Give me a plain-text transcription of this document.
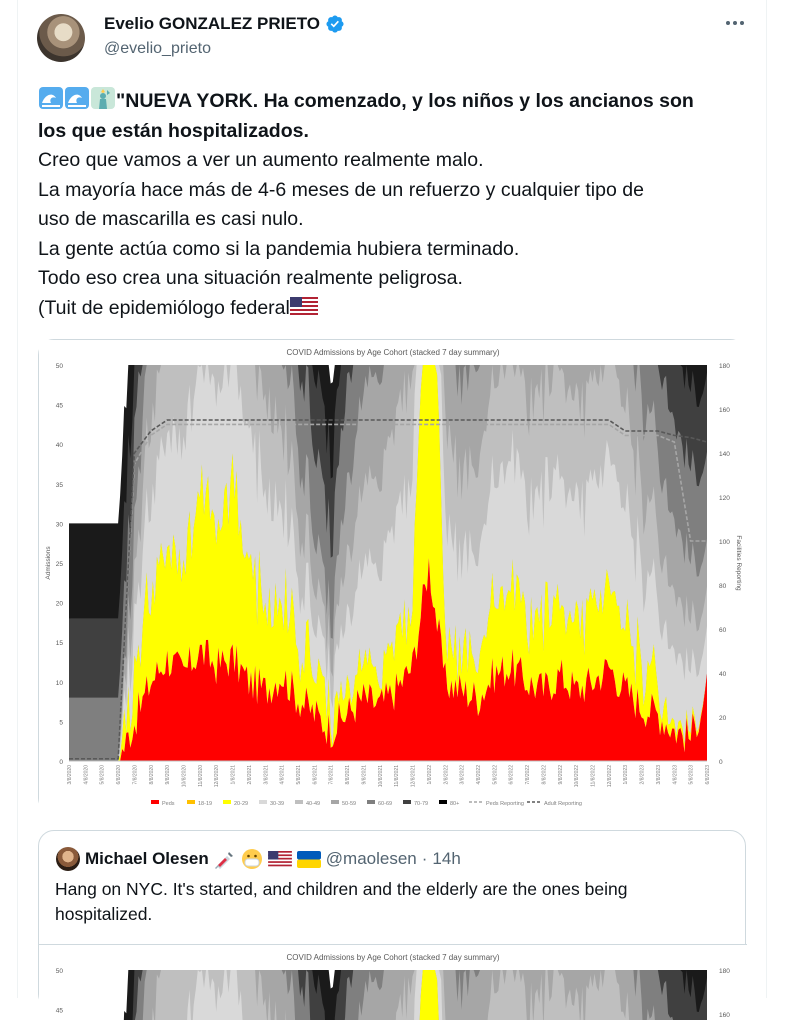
Evelio GONZALEZ PRIETO
@evelio_prieto
"NUEVA YORK. Ha comenzado, y los niños y los ancianos son
los que están hospitalizados.
Creo que vamos a ver un aumento realmente malo.
La mayoría hace más de 4-6 meses de un refuerzo y cualquier tipo de
uso de mascarilla es casi nulo.
La gente actúa como si la pandemia hubiera terminado.
Todo eso crea una situación realmente peligrosa.
(Tuit de epidemiólogo federal
COVID Admissions by Age Cohort (stacked 7 day summary)
0
5
10
15
20
25
30
35
40
45
50
0
20
40
60
80
100
120
140
160
180
Admissions	Facilities Reporting
3/8/2020 4/8/2020 5/8/2020 6/8/2020 7/8/2020 8/8/2020 9/8/2020 10/8/2020 11/8/2020 12/8/2020 1/8/2021 2/8/2021 3/8/2021 4/8/2021 5/8/2021 6/8/2021 7/8/2021 8/8/2021 9/8/2021 10/8/2021 11/8/2021 12/8/2021 1/8/2022 2/8/2022 3/8/2022 4/8/2022 5/8/2022 6/8/2022 7/8/2022 8/8/2022 9/8/2022 10/8/2022 11/8/2022 12/8/2022 1/8/2023 2/8/2023 3/8/2023 4/8/2023 5/8/2023 6/8/2023
Peds	18-19	20-29	30-39	40-49	50-59	60-69	70-79	80+	Peds Reporting	Adult Reporting
Michael Olesen	@maolesen · 14h
Hang on NYC. It's started, and children and the elderly are the ones being hospitalized.
COVID Admissions by Age Cohort (stacked 7 day summary)
45
50
160
180
